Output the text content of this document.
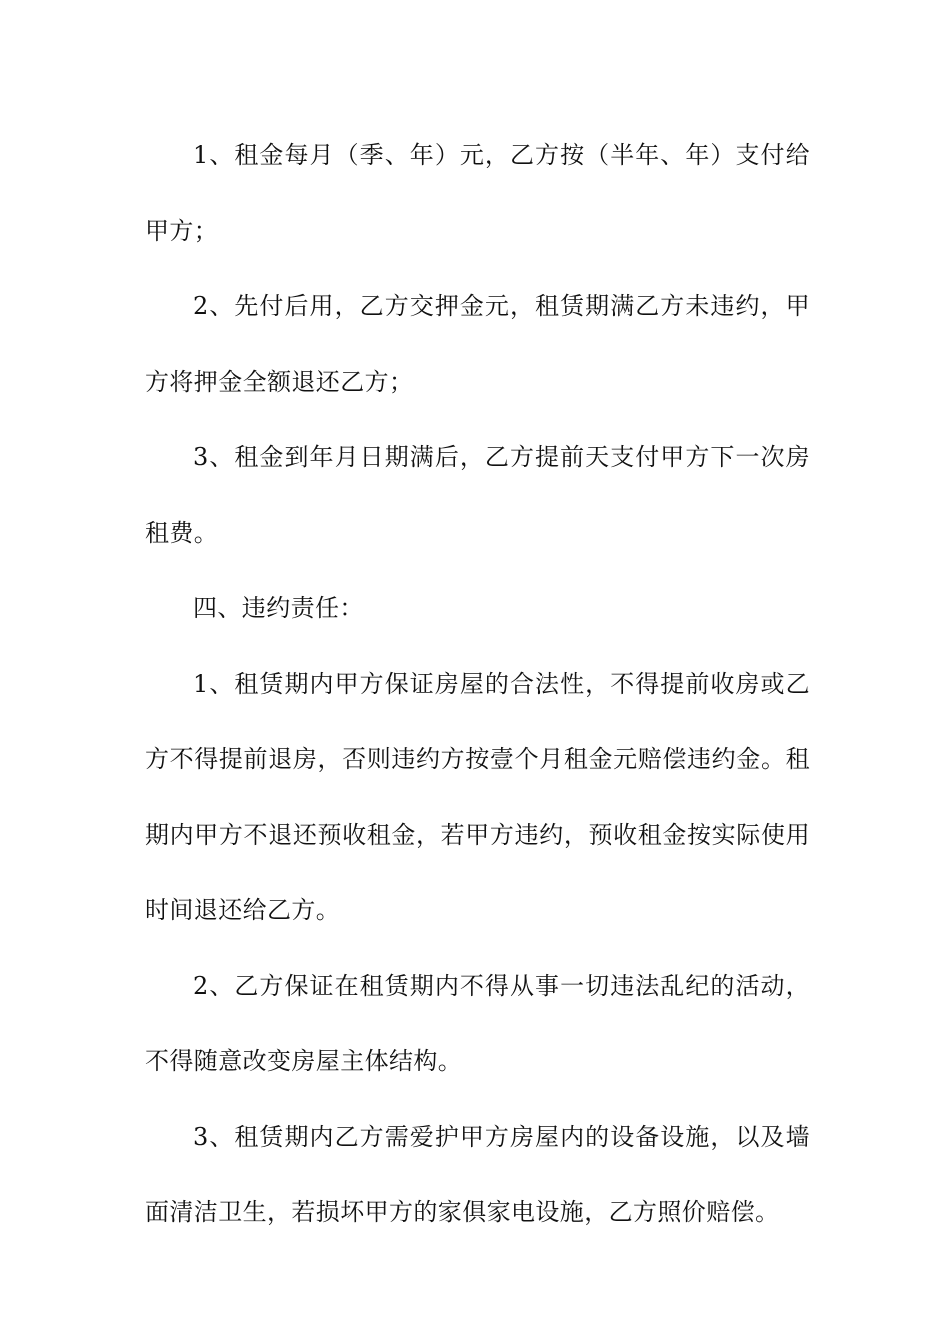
1、租金每月（季、年）元，乙方按（半年、年）支付给甲方；

2、先付后用，乙方交押金元，租赁期满乙方未违约，甲方将押金全额退还乙方；

3、租金到年月日期满后，乙方提前天支付甲方下一次房租费。

四、违约责任：

1、租赁期内甲方保证房屋的合法性，不得提前收房或乙方不得提前退房，否则违约方按壹个月租金元赔偿违约金。租期内甲方不退还预收租金，若甲方违约，预收租金按实际使用时间退还给乙方。

2、乙方保证在租赁期内不得从事一切违法乱纪的活动，不得随意改变房屋主体结构。

3、租赁期内乙方需爱护甲方房屋内的设备设施，以及墙面清洁卫生，若损坏甲方的家俱家电设施，乙方照价赔偿。
